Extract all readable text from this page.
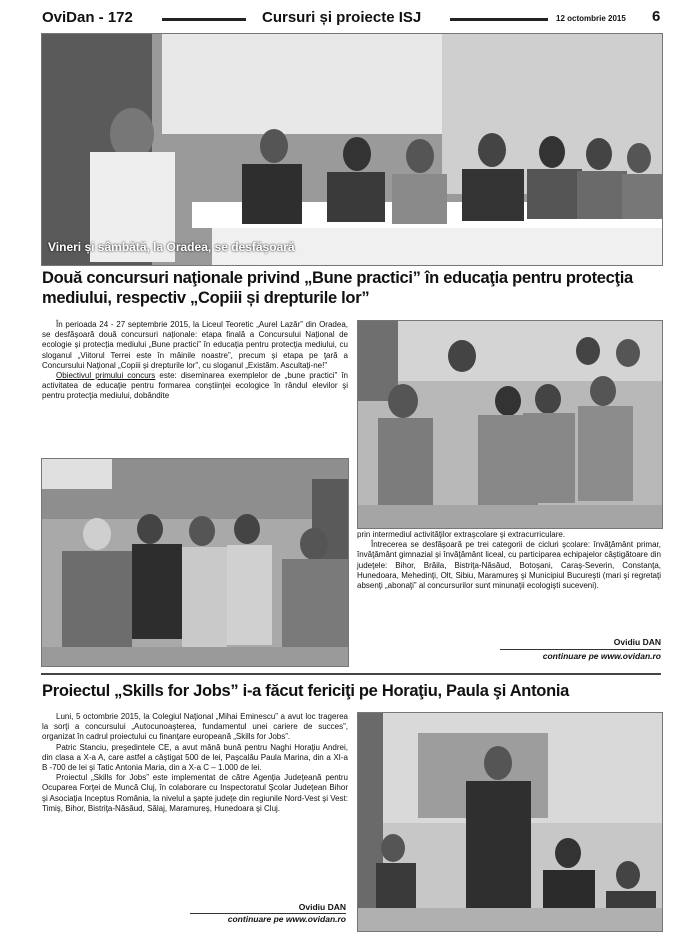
OviDan - 172	Cursuri și proiecte ISJ	12 octombrie 2015 6
Vineri și sâmbătă, la Oradea, se desfășoară
Două concursuri naţionale privind „Bune practici” în educaţia pentru protecţia
mediului, respectiv „Copiii și drepturile lor”

În perioada 24 - 27 septembrie 2015, la Liceul Teoretic „Aurel Lazăr” din Oradea, se desfășoară două concursuri naționale: etapa finală a Concursului Național de ecologie și protecția mediului „Bune practici” în educația pentru protecția mediului, cu sloganul „Viitorul Terrei este în mâinile noastre”, precum și etapa pe ţară a Concursului Naţional „Copiii și drepturile lor”, cu sloganul „Existăm. Ascultaţi-ne!”

Obiectivul primului concurs este: diseminarea exemplelor de „bune practici” în activitatea de educaţie pentru formarea conştiinţei ecologice în rândul elevilor şi pentru protecţia mediului, dobândite

prin intermediul activităţilor extraşcolare şi extracurriculare.

Întrecerea se desfășoară pe trei categorii de cicluri școlare: învăţământ primar, învăţământ gimnazial și învăţământ liceal, cu participarea echipajelor câştigătoare din judeţele: Bihor, Brăila, Bistriţa-Năsăud, Botoşani, Caraş-Severin, Constanţa, Hunedoara, Mehedinţi, Olt, Sibiu, Maramureş şi Municipiul Bucureşti (mari şi regretaţi absenţi „abonaţi” al concursurilor sunt minunaţii ecologişti suceveni).

Ovidiu DAN
continuare pe www.ovidan.ro
Proiectul „Skills for Jobs” i-a făcut fericiţi pe Horaţiu, Paula şi Antonia

Luni, 5 octombrie 2015, la Colegiul Naţional „Mihai Eminescu” a avut loc tragerea la sorţi a concursului „Autocunoaşterea, fundamentul unei cariere de succes”, organizat în cadrul proiectului cu finanţare europeană „Skills for Jobs”.

Patric Stanciu, preşedintele CE, a avut mână bună pentru Naghi Horaţiu Andrei, din clasa a X-a A, care astfel a câştigat 500 de lei, Paşcalău Paula Marina, din a XI-a B -700 de lei şi Tatic Antonia Maria, din a X-a C – 1.000 de lei.

Proiectul „Skills for Jobs” este implementat de către Agenţia Judeţeană pentru Ocuparea Forţei de Muncă Cluj, în colaborare cu Inspectoratul Şcolar Judeţean Bihor şi Asociaţia Inceptus România, la nivelul a şapte judeţe din regiunile Nord-Vest şi Vest: Timiş, Bihor, Bistriţa-Năsăud, Sălaj, Maramureş, Hunedoara şi Cluj.

Ovidiu DAN
continuare pe www.ovidan.ro
